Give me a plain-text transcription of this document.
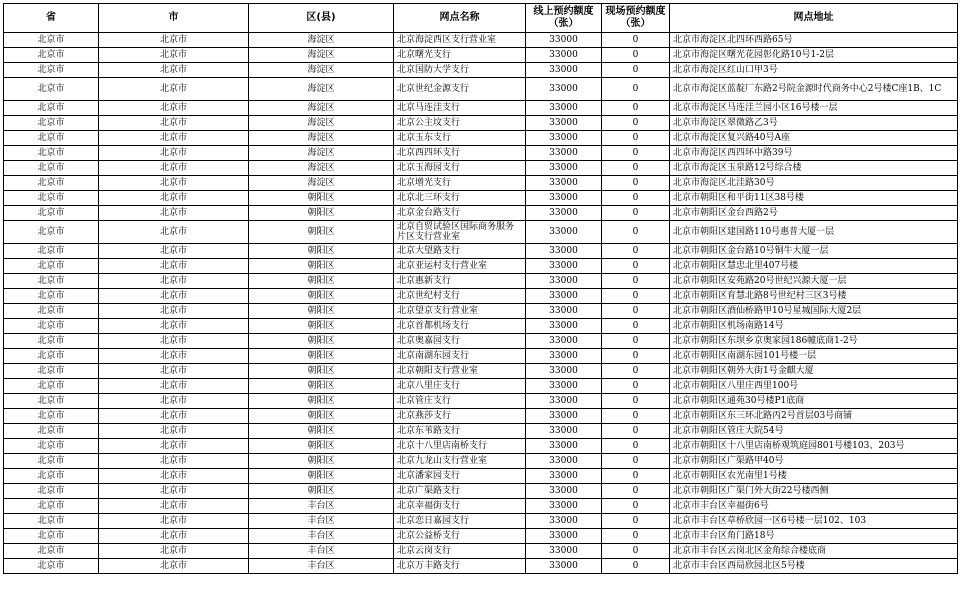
省	市	区(县)	网点名称	线上预约额度（张）	现场预约额度（张）	网点地址
北京市	北京市	海淀区	北京海淀西区支行营业室	33000	0	北京市海淀区北四环西路65号
北京市	北京市	海淀区	北京曙光支行	33000	0	北京市海淀区曙光花园彰化路10号1-2层
北京市	北京市	海淀区	北京国防大学支行	33000	0	北京市海淀区红山口甲3号
北京市	北京市	海淀区	北京世纪金源支行	33000	0	北京市海淀区蓝靛厂东路2号院金源时代商务中心2号楼C座1B、1C
北京市	北京市	海淀区	北京马连洼支行	33000	0	北京市海淀区马连洼兰园小区16号楼一层
北京市	北京市	海淀区	北京公主坟支行	33000	0	北京市海淀区翠微路乙3号
北京市	北京市	海淀区	北京玉东支行	33000	0	北京市海淀区复兴路40号A座
北京市	北京市	海淀区	北京西四环支行	33000	0	北京市海淀区西四环中路39号
北京市	北京市	海淀区	北京玉海园支行	33000	0	北京市海淀区玉泉路12号综合楼
北京市	北京市	海淀区	北京增光支行	33000	0	北京市海淀区北洼路30号
北京市	北京市	朝阳区	北京北三环支行	33000	0	北京市朝阳区和平街11区38号楼
北京市	北京市	朝阳区	北京金台路支行	33000	0	北京市朝阳区金台西路2号
北京市	北京市	朝阳区	北京自贸试验区国际商务服务片区支行营业室	33000	0	北京市朝阳区建国路110号惠普大厦一层
北京市	北京市	朝阳区	北京大望路支行	33000	0	北京市朝阳区金台路10号铜牛大厦一层
北京市	北京市	朝阳区	北京亚运村支行营业室	33000	0	北京市朝阳区慧忠北里407号楼
北京市	北京市	朝阳区	北京惠新支行	33000	0	北京市朝阳区安苑路20号世纪兴源大厦一层
北京市	北京市	朝阳区	北京世纪村支行	33000	0	北京市朝阳区育慧北路8号世纪村三区3号楼
北京市	北京市	朝阳区	北京望京支行营业室	33000	0	北京市朝阳区酒仙桥路甲10号星城国际大厦2层
北京市	北京市	朝阳区	北京首都机场支行	33000	0	北京市朝阳区机场南路14号
北京市	北京市	朝阳区	北京奥嘉园支行	33000	0	北京市朝阳区东坝乡京奥家园186幢底商1-2号
北京市	北京市	朝阳区	北京南湖东园支行	33000	0	北京市朝阳区南湖东园101号楼一层
北京市	北京市	朝阳区	北京朝阳支行营业室	33000	0	北京市朝阳区朝外大街1号金麒大厦
北京市	北京市	朝阳区	北京八里庄支行	33000	0	北京市朝阳区八里庄西里100号
北京市	北京市	朝阳区	北京管庄支行	33000	0	北京市朝阳区通苑30号楼P1底商
北京市	北京市	朝阳区	北京燕莎支行	33000	0	北京市朝阳区东三环北路丙2号首层03号商铺
北京市	北京市	朝阳区	北京东苇路支行	33000	0	北京市朝阳区管庄大院54号
北京市	北京市	朝阳区	北京十八里店南桥支行	33000	0	北京市朝阳区十八里店南桥观筑庭园801号楼103、203号
北京市	北京市	朝阳区	北京九龙山支行营业室	33000	0	北京市朝阳区广渠路甲40号
北京市	北京市	朝阳区	北京潘家园支行	33000	0	北京市朝阳区农光南里1号楼
北京市	北京市	朝阳区	北京广渠路支行	33000	0	北京市朝阳区广渠门外大街22号楼西侧
北京市	北京市	丰台区	北京幸福街支行	33000	0	北京市丰台区幸福街6号
北京市	北京市	丰台区	北京恋日嘉园支行	33000	0	北京市丰台区草桥欣园一区6号楼一层102、103
北京市	北京市	丰台区	北京公益桥支行	33000	0	北京市丰台区角门路18号
北京市	北京市	丰台区	北京云岗支行	33000	0	北京市丰台区云岗北区金角综合楼底商
北京市	北京市	丰台区	北京万丰路支行	33000	0	北京市丰台区西局欣园北区5号楼
